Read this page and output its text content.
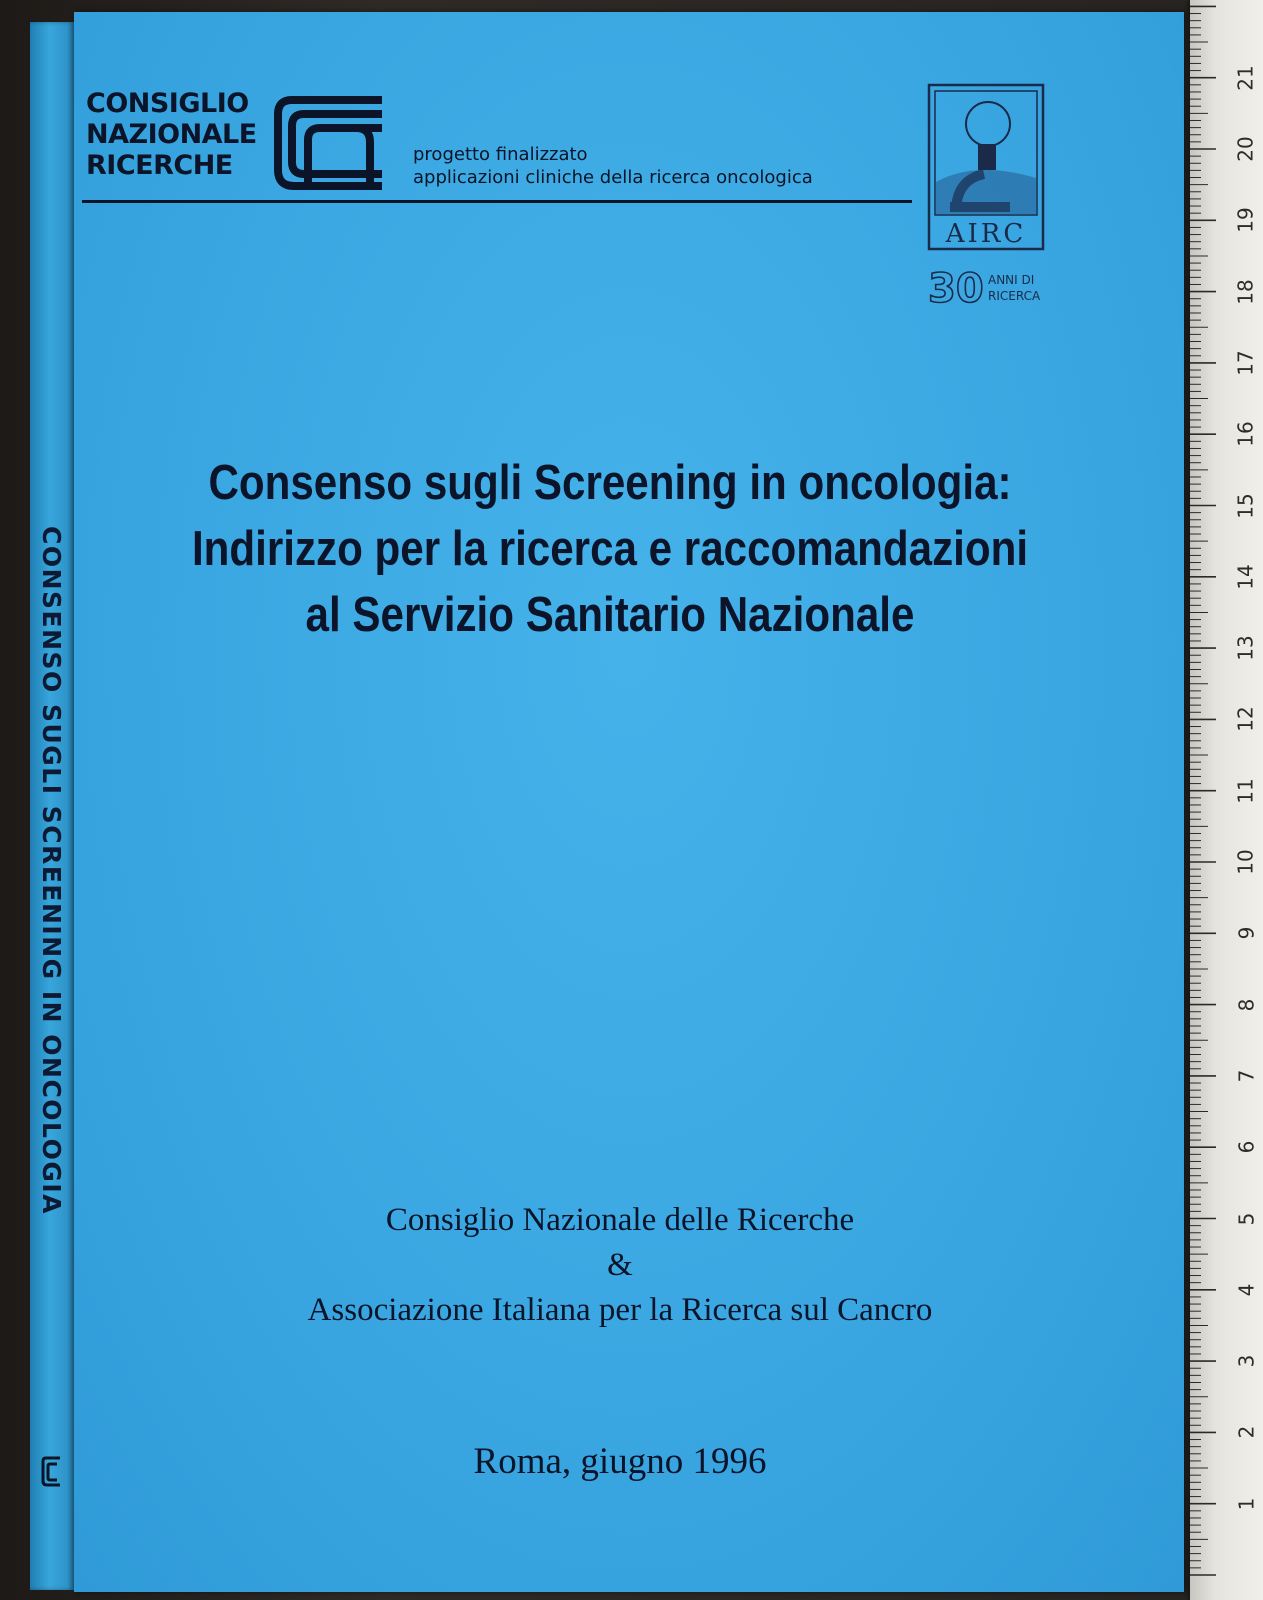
CONSENSO SUGLI SCREENING IN ONCOLOGIA
CONSIGLIO
NAZIONALE
RICERCHE	progetto finalizzato
applicazioni cliniche della ricerca oncologica
AIRC
30 ANNI DI
RICERCA
Consenso sugli Screening in oncologia:
Indirizzo per la ricerca e raccomandazioni
al Servizio Sanitario Nazionale
Consiglio Nazionale delle Ricerche
&
Associazione Italiana per la Ricerca sul Cancro
Roma, giugno 1996
1
2
3
4
5
6
7
8
9
10
11
12
13
14
15
16
17
18
19
20
21
